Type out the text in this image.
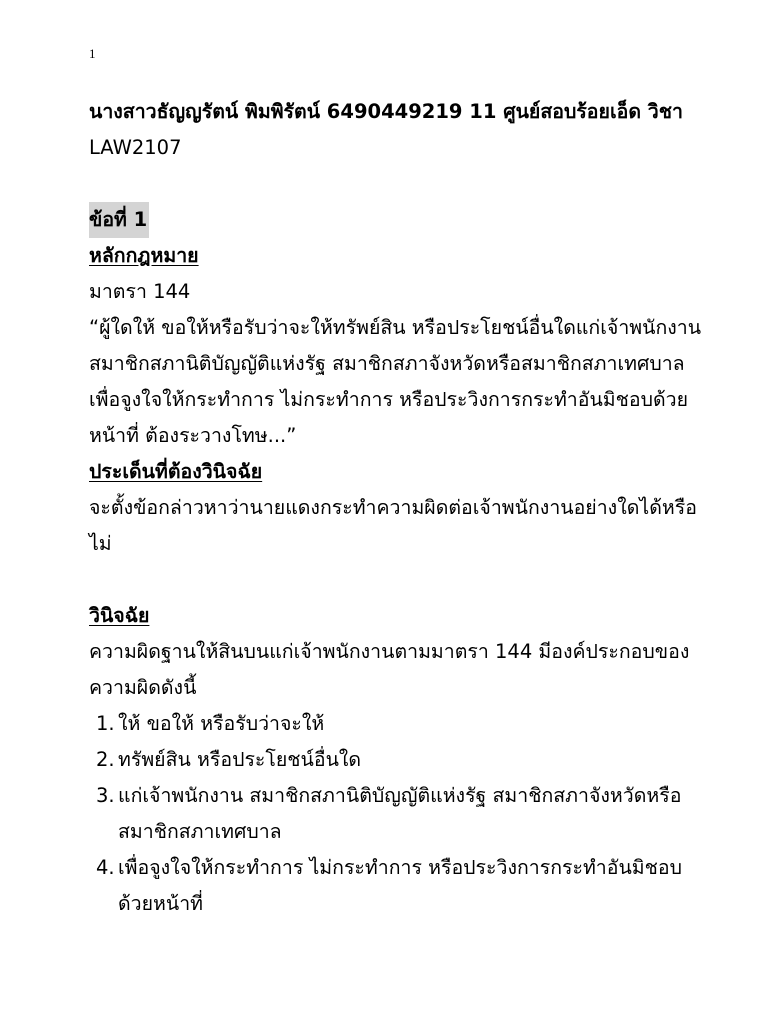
1
นางสาวธัญญรัตน์ พิมพิรัตน์ 6490449219 11 ศูนย์สอบร้อยเอ็ด วิชา
LAW2107
ข้อที่ 1
หลักกฎหมาย
มาตรา 144
“ผู้ใดให้ ขอให้หรือรับว่าจะให้ทรัพย์สิน หรือประโยชน์อื่นใดแก่เจ้าพนักงาน
สมาชิกสภานิติบัญญัติแห่งรัฐ สมาชิกสภาจังหวัดหรือสมาชิกสภาเทศบาล
เพื่อจูงใจให้กระทำการ ไม่กระทำการ หรือประวิงการกระทำอันมิชอบด้วย
หน้าที่ ต้องระวางโทษ...”
ประเด็นที่ต้องวินิจฉัย
จะตั้งข้อกล่าวหาว่านายแดงกระทำความผิดต่อเจ้าพนักงานอย่างใดได้หรือ
ไม่
วินิจฉัย
ความผิดฐานให้สินบนแก่เจ้าพนักงานตามมาตรา 144 มีองค์ประกอบของ
ความผิดดังนี้
1. ให้ ขอให้ หรือรับว่าจะให้
2. ทรัพย์สิน หรือประโยชน์อื่นใด
3. แก่เจ้าพนักงาน สมาชิกสภานิติบัญญัติแห่งรัฐ สมาชิกสภาจังหวัดหรือ
สมาชิกสภาเทศบาล
4. เพื่อจูงใจให้กระทำการ ไม่กระทำการ หรือประวิงการกระทำอันมิชอบ
ด้วยหน้าที่
